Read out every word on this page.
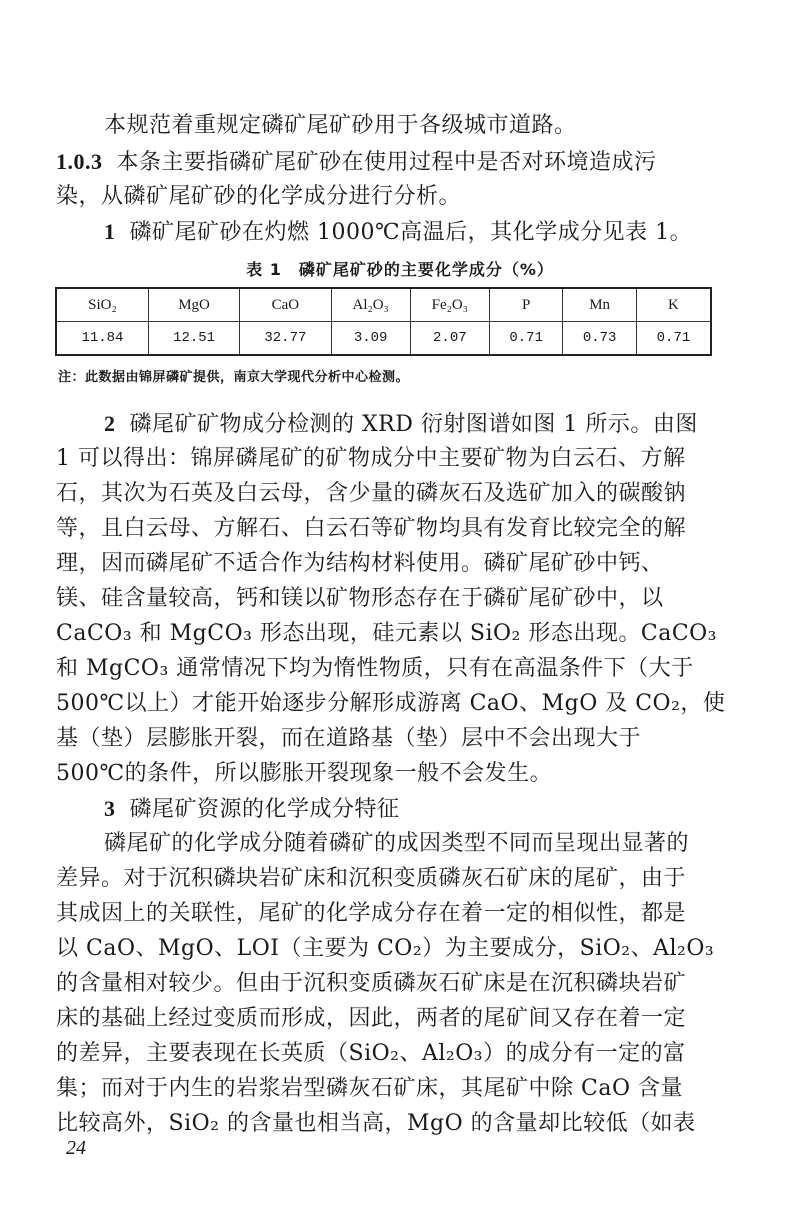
本规范着重规定磷矿尾矿砂用于各级城市道路。
1.0.3 本条主要指磷矿尾矿砂在使用过程中是否对环境造成污
染，从磷矿尾矿砂的化学成分进行分析。
1 磷矿尾矿砂在灼燃 1000℃高温后，其化学成分见表 1。
表 1　磷矿尾矿砂的主要化学成分（%）
SiO₂	MgO	CaO	Al₂O₃	Fe₂O₃	P	Mn	K
11.84	12.51	32.77	3.09	2.07	0.71	0.73	0.71
注：此数据由锦屏磷矿提供，南京大学现代分析中心检测。
2 磷尾矿矿物成分检测的 XRD 衍射图谱如图 1 所示。由图
1 可以得出：锦屏磷尾矿的矿物成分中主要矿物为白云石、方解
石，其次为石英及白云母，含少量的磷灰石及选矿加入的碳酸钠
等，且白云母、方解石、白云石等矿物均具有发育比较完全的解
理，因而磷尾矿不适合作为结构材料使用。磷矿尾矿砂中钙、
镁、硅含量较高，钙和镁以矿物形态存在于磷矿尾矿砂中，以
CaCO₃ 和 MgCO₃ 形态出现，硅元素以 SiO₂ 形态出现。CaCO₃
和 MgCO₃ 通常情况下均为惰性物质，只有在高温条件下（大于
500℃以上）才能开始逐步分解形成游离 CaO、MgO 及 CO₂，使
基（垫）层膨胀开裂，而在道路基（垫）层中不会出现大于
500℃的条件，所以膨胀开裂现象一般不会发生。
3 磷尾矿资源的化学成分特征
磷尾矿的化学成分随着磷矿的成因类型不同而呈现出显著的
差异。对于沉积磷块岩矿床和沉积变质磷灰石矿床的尾矿，由于
其成因上的关联性，尾矿的化学成分存在着一定的相似性，都是
以 CaO、MgO、LOI（主要为 CO₂）为主要成分，SiO₂、Al₂O₃
的含量相对较少。但由于沉积变质磷灰石矿床是在沉积磷块岩矿
床的基础上经过变质而形成，因此，两者的尾矿间又存在着一定
的差异，主要表现在长英质（SiO₂、Al₂O₃）的成分有一定的富
集；而对于内生的岩浆岩型磷灰石矿床，其尾矿中除 CaO 含量
比较高外，SiO₂ 的含量也相当高，MgO 的含量却比较低（如表
24
